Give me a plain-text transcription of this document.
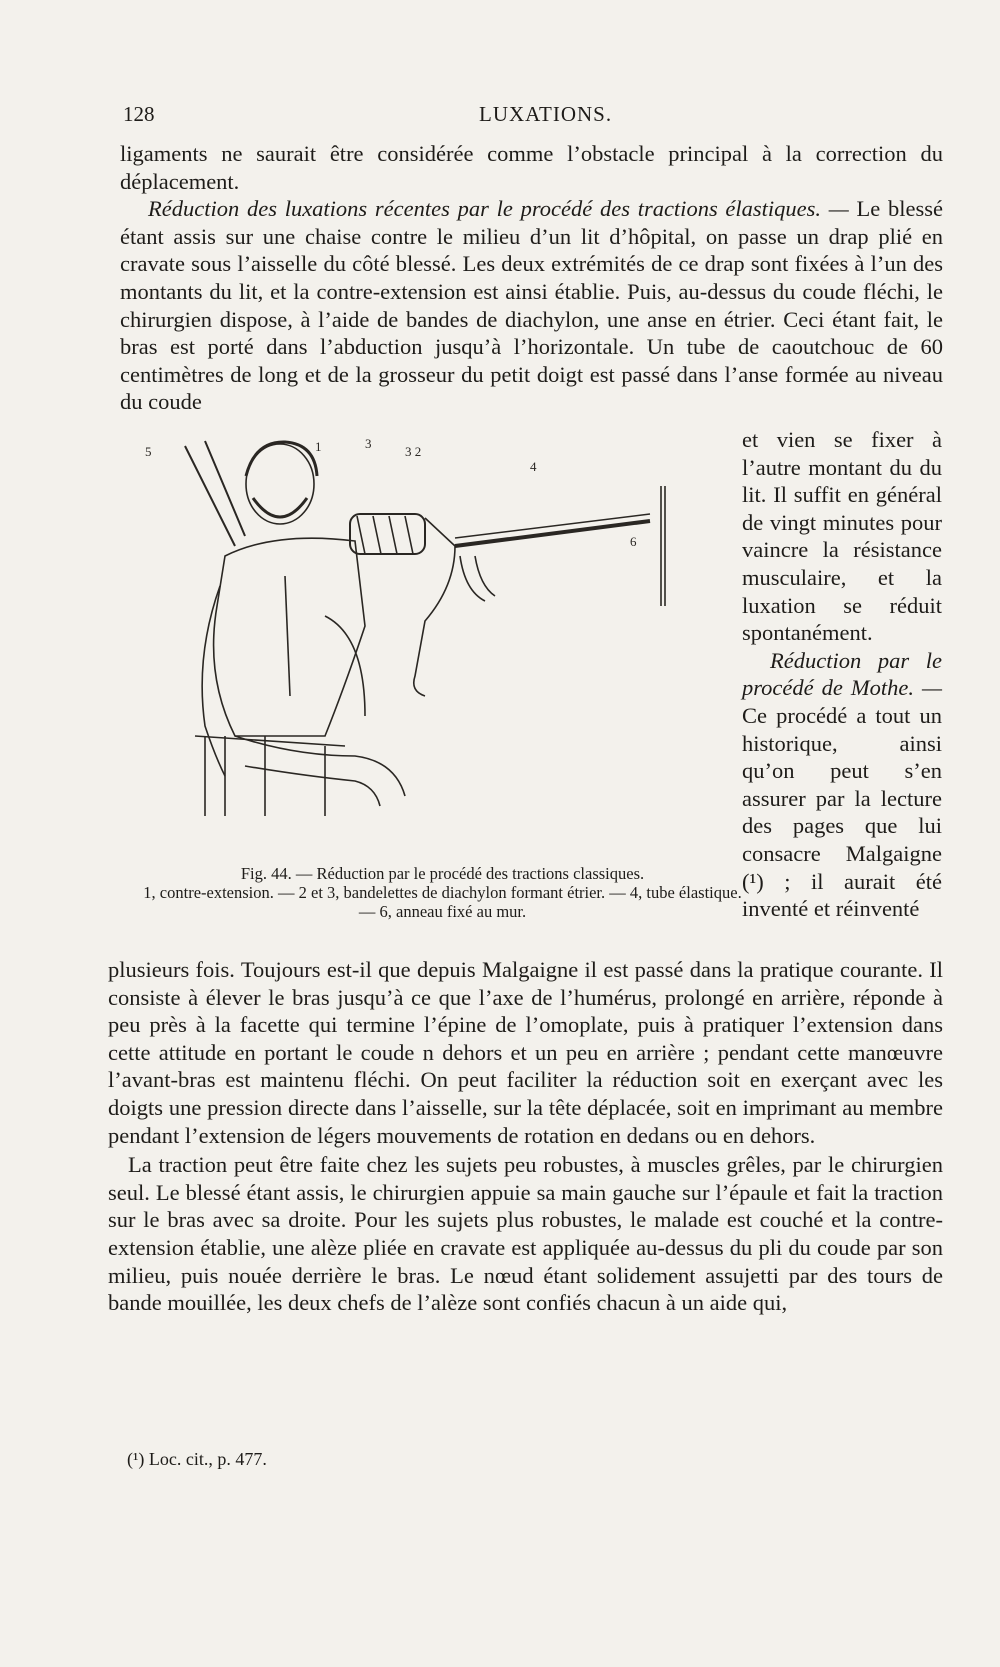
128	LUXATIONS.

ligaments ne saurait être considérée comme l’obstacle principal à la correction du déplacement.

Réduction des luxations récentes par le procédé des tractions élastiques. — Le blessé étant assis sur une chaise contre le milieu d’un lit d’hôpital, on passe un drap plié en cravate sous l’aisselle du côté blessé. Les deux extrémités de ce drap sont fixées à l’un des montants du lit, et la contre-extension est ainsi établie. Puis, au-dessus du coude fléchi, le chirurgien dispose, à l’aide de bandes de diachylon, une anse en étrier. Ceci étant fait, le bras est porté dans l’abduction jusqu’à l’horizontale. Un tube de caoutchouc de 60 centimètres de long et de la grosseur du petit doigt est passé dans l’anse formée au niveau du coude

5	1	3
3 2
4
6
Fig. 44. — Réduction par le procédé des tractions classiques.
1, contre-extension. — 2 et 3, bandelettes de diachylon formant étrier. — 4, tube élastique. — 6, anneau fixé au mur.

et vien se fixer à l’autre montant du du lit. Il suffit en général de vingt minutes pour vaincre la résistance musculaire, et la luxation se réduit spontanément.

Réduction par le procédé de Mothe. — Ce procédé a tout un historique, ainsi qu’on peut s’en assurer par la lecture des pages que lui consacre Malgaigne (¹) ; il aurait été inventé et réinventé

plusieurs fois. Toujours est-il que depuis Malgaigne il est passé dans la pratique courante. Il consiste à élever le bras jusqu’à ce que l’axe de l’humérus, prolongé en arrière, réponde à peu près à la facette qui termine l’épine de l’omoplate, puis à pratiquer l’extension dans cette attitude en portant le coude n dehors et un peu en arrière ; pendant cette manœuvre l’avant-bras est maintenu fléchi. On peut faciliter la réduction soit en exerçant avec les doigts une pression directe dans l’aisselle, sur la tête déplacée, soit en imprimant au membre pendant l’extension de légers mouvements de rotation en dedans ou en dehors.

La traction peut être faite chez les sujets peu robustes, à muscles grêles, par le chirurgien seul. Le blessé étant assis, le chirurgien appuie sa main gauche sur l’épaule et fait la traction sur le bras avec sa droite. Pour les sujets plus robustes, le malade est couché et la contre-extension établie, une alèze pliée en cravate est appliquée au-dessus du pli du coude par son milieu, puis nouée derrière le bras. Le nœud étant solidement assujetti par des tours de bande mouillée, les deux chefs de l’alèze sont confiés chacun à un aide qui,

(¹) Loc. cit., p. 477.
